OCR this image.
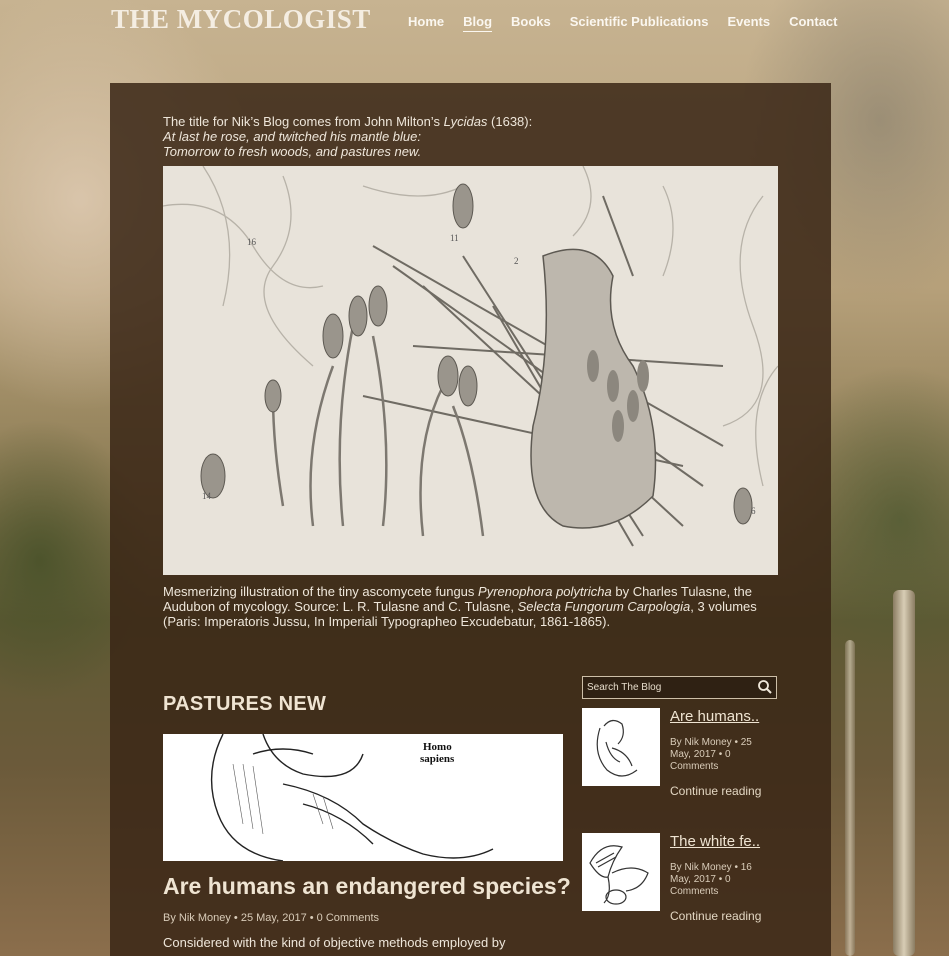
THE MYCOLOGIST	Home Blog Books Scientific Publications Events Contact
The title for Nik’s Blog comes from John Milton’s Lycidas (1638):
At last he rose, and twitched his mantle blue:
Tomorrow to fresh woods, and pastures new.
16	11
2
14
6
Mesmerizing illustration of the tiny ascomycete fungus Pyrenophora polytricha by Charles Tulasne, the Audubon of mycology. Source: L. R. Tulasne and C. Tulasne, Selecta Fungorum Carpologia, 3 volumes (Paris: Imperatoris Jussu, In Imperiali Typographeo Excudebatur, 1861-1865).
PASTURES NEW
Homo
sapiens
Are humans an endangered species?
By Nik Money • 25 May, 2017 • 0 Comments

Considered with the kind of objective methods employed by

Search The Blog
Are humans..
By Nik Money • 25 May, 2017 • 0 Comments
Continue reading
The white fe..
By Nik Money • 16 May, 2017 • 0 Comments
Continue reading
